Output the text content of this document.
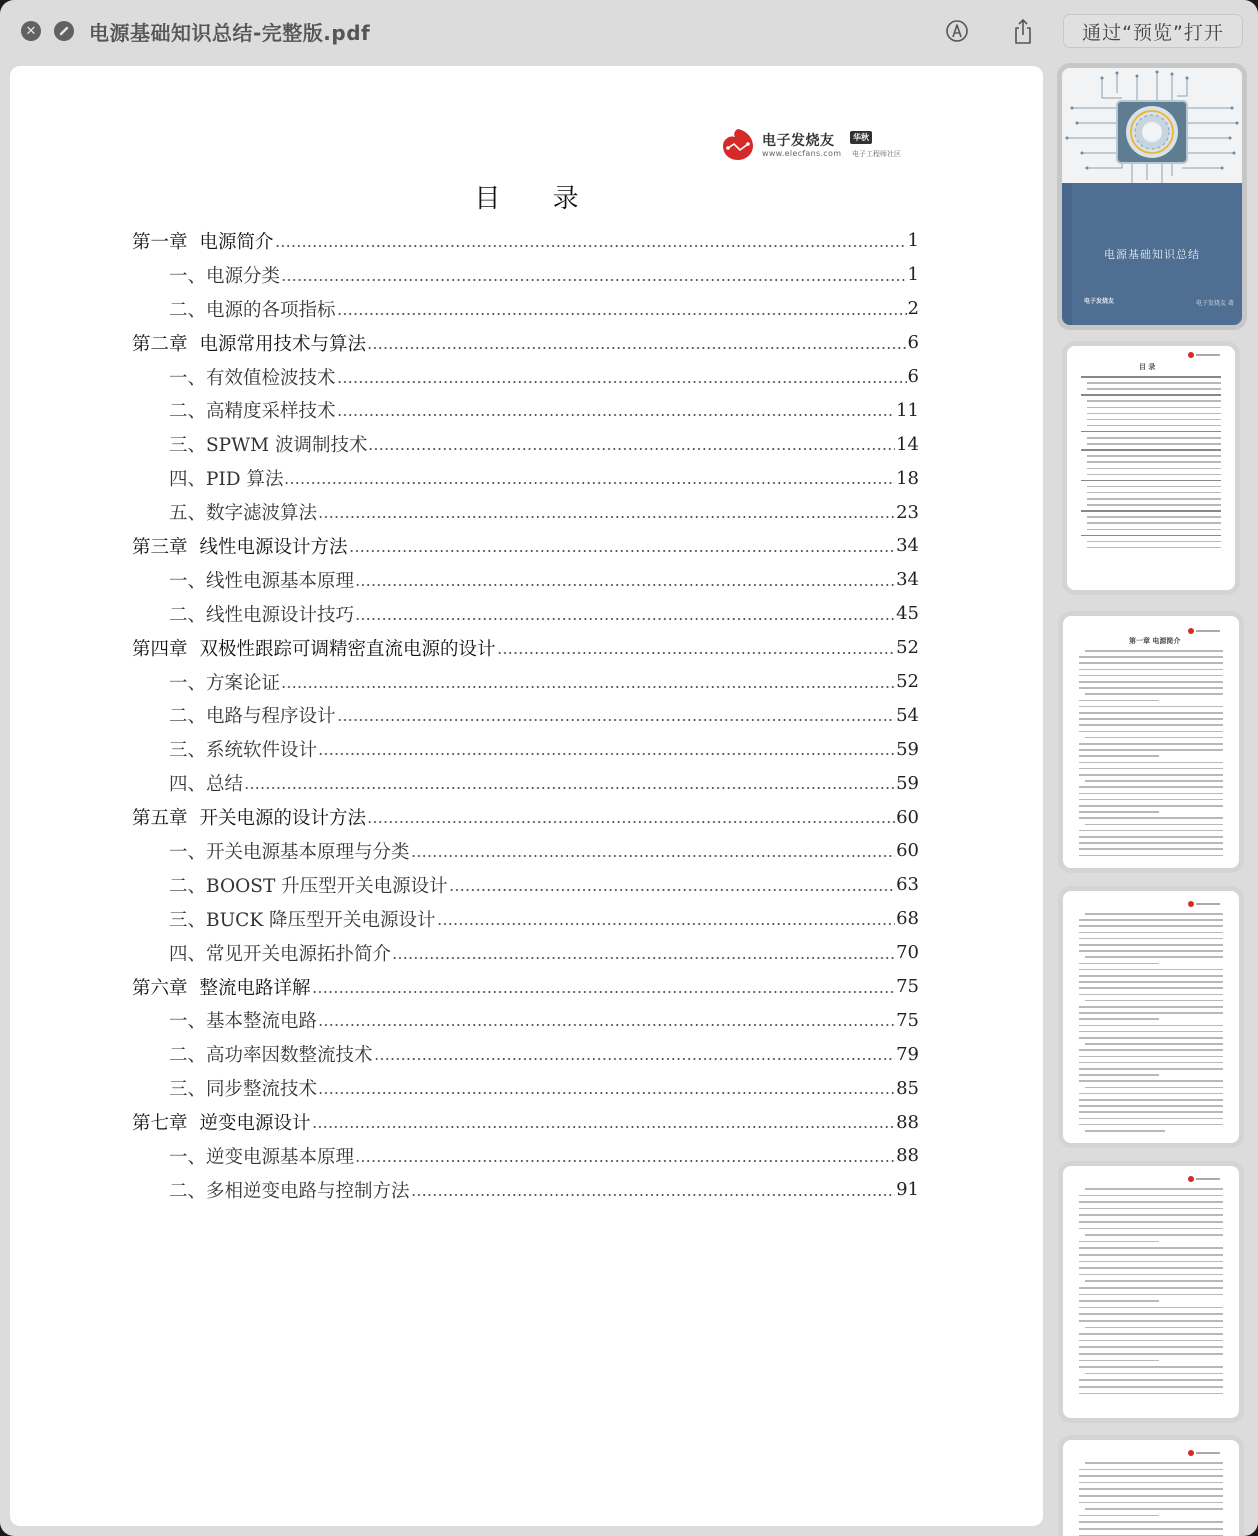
✕	电源基础知识总结-完整版.pdf	通过“预览”打开
电子发烧友	华秋
www.elecfans.com 电子工程师社区
目 录
第一章 电源简介	1
一、电源分类	1
二、电源的各项指标	2
第二章 电源常用技术与算法	6
一、有效值检波技术	6
二、高精度采样技术	11
三、SPWM 波调制技术	14
四、PID 算法	18
五、数字滤波算法	23
第三章 线性电源设计方法	34
一、线性电源基本原理	34
二、线性电源设计技巧	45
第四章 双极性跟踪可调精密直流电源的设计	52
一、方案论证	52
二、电路与程序设计	54
三、系统软件设计	59
四、总结	59
第五章 开关电源的设计方法	60
一、开关电源基本原理与分类	60
二、BOOST 升压型开关电源设计	63
三、BUCK 降压型开关电源设计	68
四、常见开关电源拓扑简介	70
第六章 整流电路详解	75
一、基本整流电路	75
二、高功率因数整流技术	79
三、同步整流技术	85
第七章 逆变电源设计	88
一、逆变电源基本原理	88
二、多相逆变电路与控制方法	91
电源基础知识总结
电子发烧友	电子发烧友 著
目 录
第一章 电源简介
